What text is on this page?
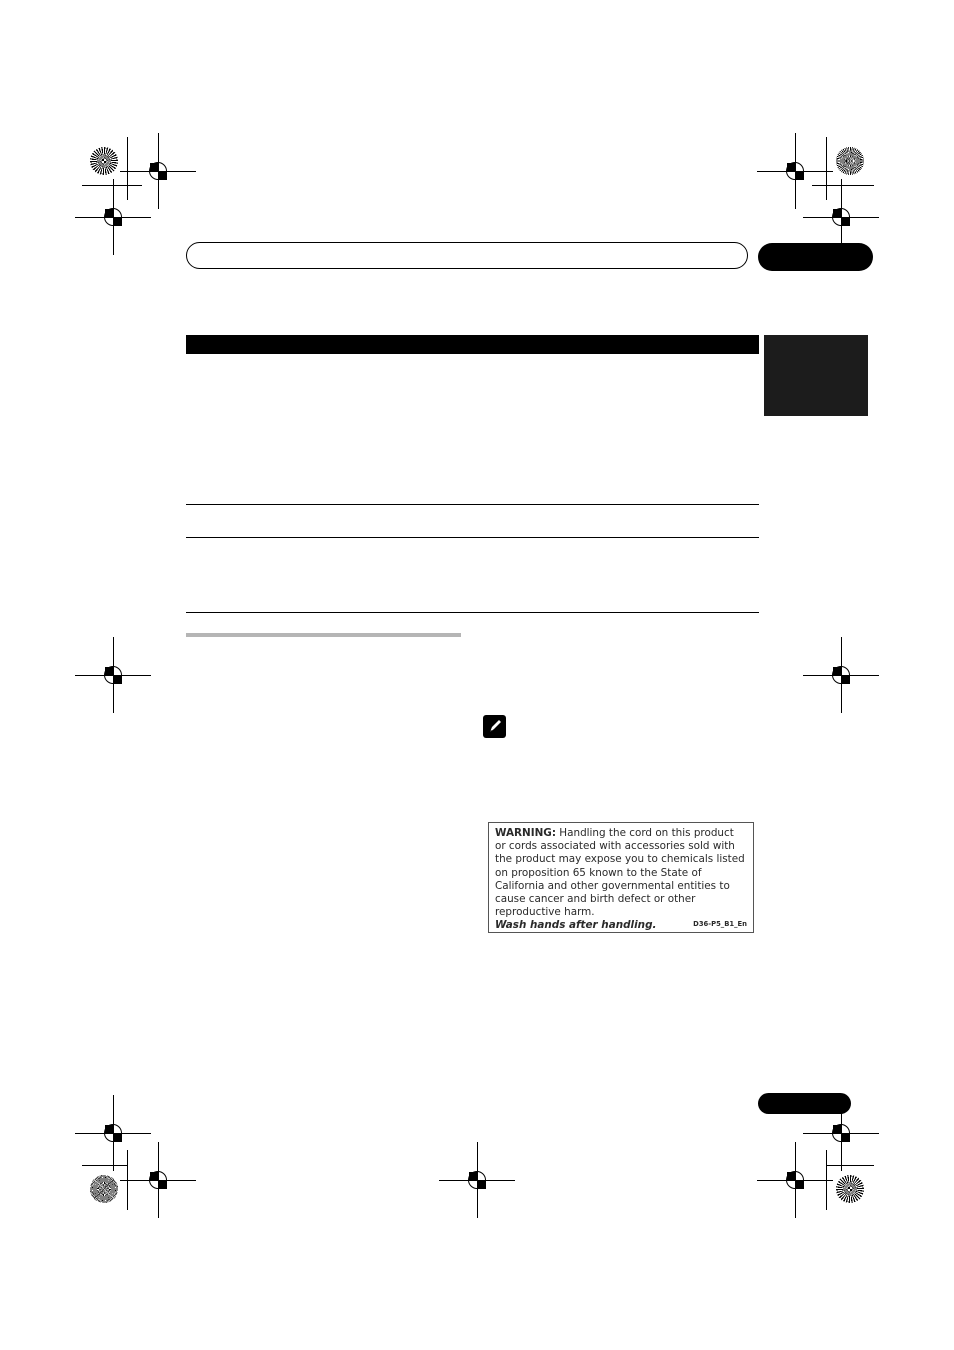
WARNING: Handling the cord on this product or cords associated with accessories sold with the product may expose you to chemicals listed on proposition 65 known to the State of California and other governmental entities to cause cancer and birth defect or other reproductive harm.

Wash hands after handling.	D36-P5_B1_En
